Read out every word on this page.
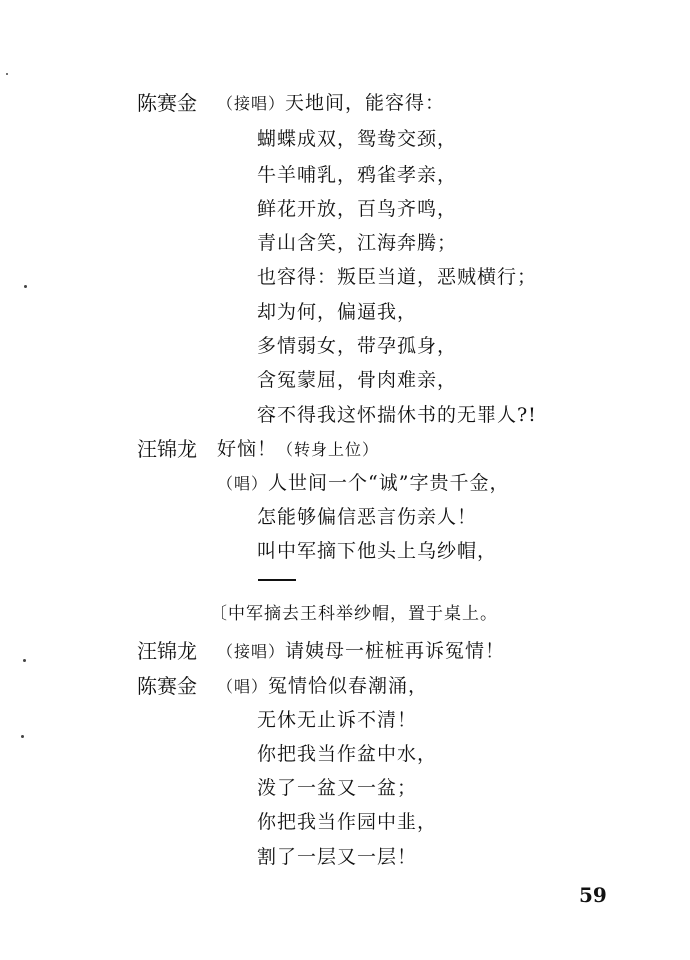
陈赛金 （接唱）天地间，能容得：
蝴蝶成双，鸳鸯交颈，
牛羊哺乳，鸦雀孝亲，
鲜花开放，百鸟齐鸣，
青山含笑，江海奔腾；
也容得：叛臣当道，恶贼横行；
却为何，偏逼我，
多情弱女，带孕孤身，
含冤蒙屈，骨肉难亲，
容不得我这怀揣休书的无罪人?!
汪锦龙 好恼！（转身上位）
（唱）人世间一个“诚”字贵千金，
怎能够偏信恶言伤亲人！
叫中军摘下他头上乌纱帽，
〔中军摘去王科举纱帽，置于桌上。
汪锦龙 （接唱）请姨母一桩桩再诉冤情！
陈赛金 （唱）冤情恰似春潮涌，
无休无止诉不清！
你把我当作盆中水，
泼了一盆又一盆；
你把我当作园中韭，
割了一层又一层！
59
